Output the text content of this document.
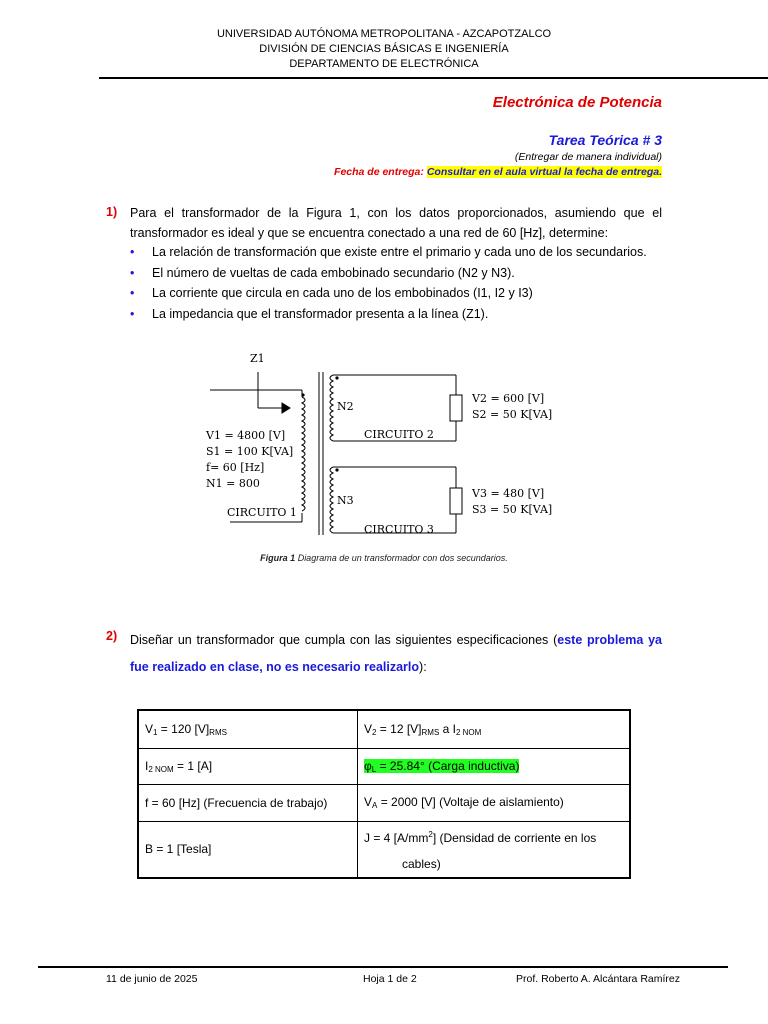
UNIVERSIDAD AUTÓNOMA METROPOLITANA - AZCAPOTZALCO
DIVISIÓN DE CIENCIAS BÁSICAS E INGENIERÍA
DEPARTAMENTO DE ELECTRÓNICA
Electrónica de Potencia
Tarea Teórica # 3
(Entregar de manera individual)
Fecha de entrega: Consultar en el aula virtual la fecha de entrega.
1) Para el transformador de la Figura 1, con los datos proporcionados, asumiendo que el transformador es ideal y que se encuentra conectado a una red de 60 [Hz], determine:
• La relación de transformación que existe entre el primario y cada uno de los secundarios.
• El número de vueltas de cada embobinado secundario (N2 y N3).
• La corriente que circula en cada uno de los embobinados (I1, I2 y I3)
• La impedancia que el transformador presenta a la línea (Z1).
Z1
V1 = 4800 [V]
S1 = 100 K[VA]
f= 60 [Hz]
N1 = 800
CIRCUITO 1
N2
N3
V2 = 600 [V]
S2 = 50 K[VA]
V3 = 480 [V]
S3 = 50 K[VA]
CIRCUITO 2
CIRCUITO 3
Figura 1 Diagrama de un transformador con dos secundarios.
2) Diseñar un transformador que cumpla con las siguientes especificaciones (este problema ya fue realizado en clase, no es necesario realizarlo):
$V_1 = 120$ $[V]_{RMS}$	$V_2 = 12$ $[V]_{RMS}$ a $I_{2 NOM}$
$I_{2 NOM} = 1$ [A]	$\varphi_L = 25.84^\circ$ (Carga inductiva)
f = 60 [Hz] (Frecuencia de trabajo)	$V_A = 2000$ [V] (Voltaje de aislamiento)
B = 1 [Tesla]	J = 4 $[A/mm^2]$ (Densidad de corriente en los
cables)
11 de junio de 2025	Hoja 1 de 2	Prof. Roberto A. Alcántara Ramírez
